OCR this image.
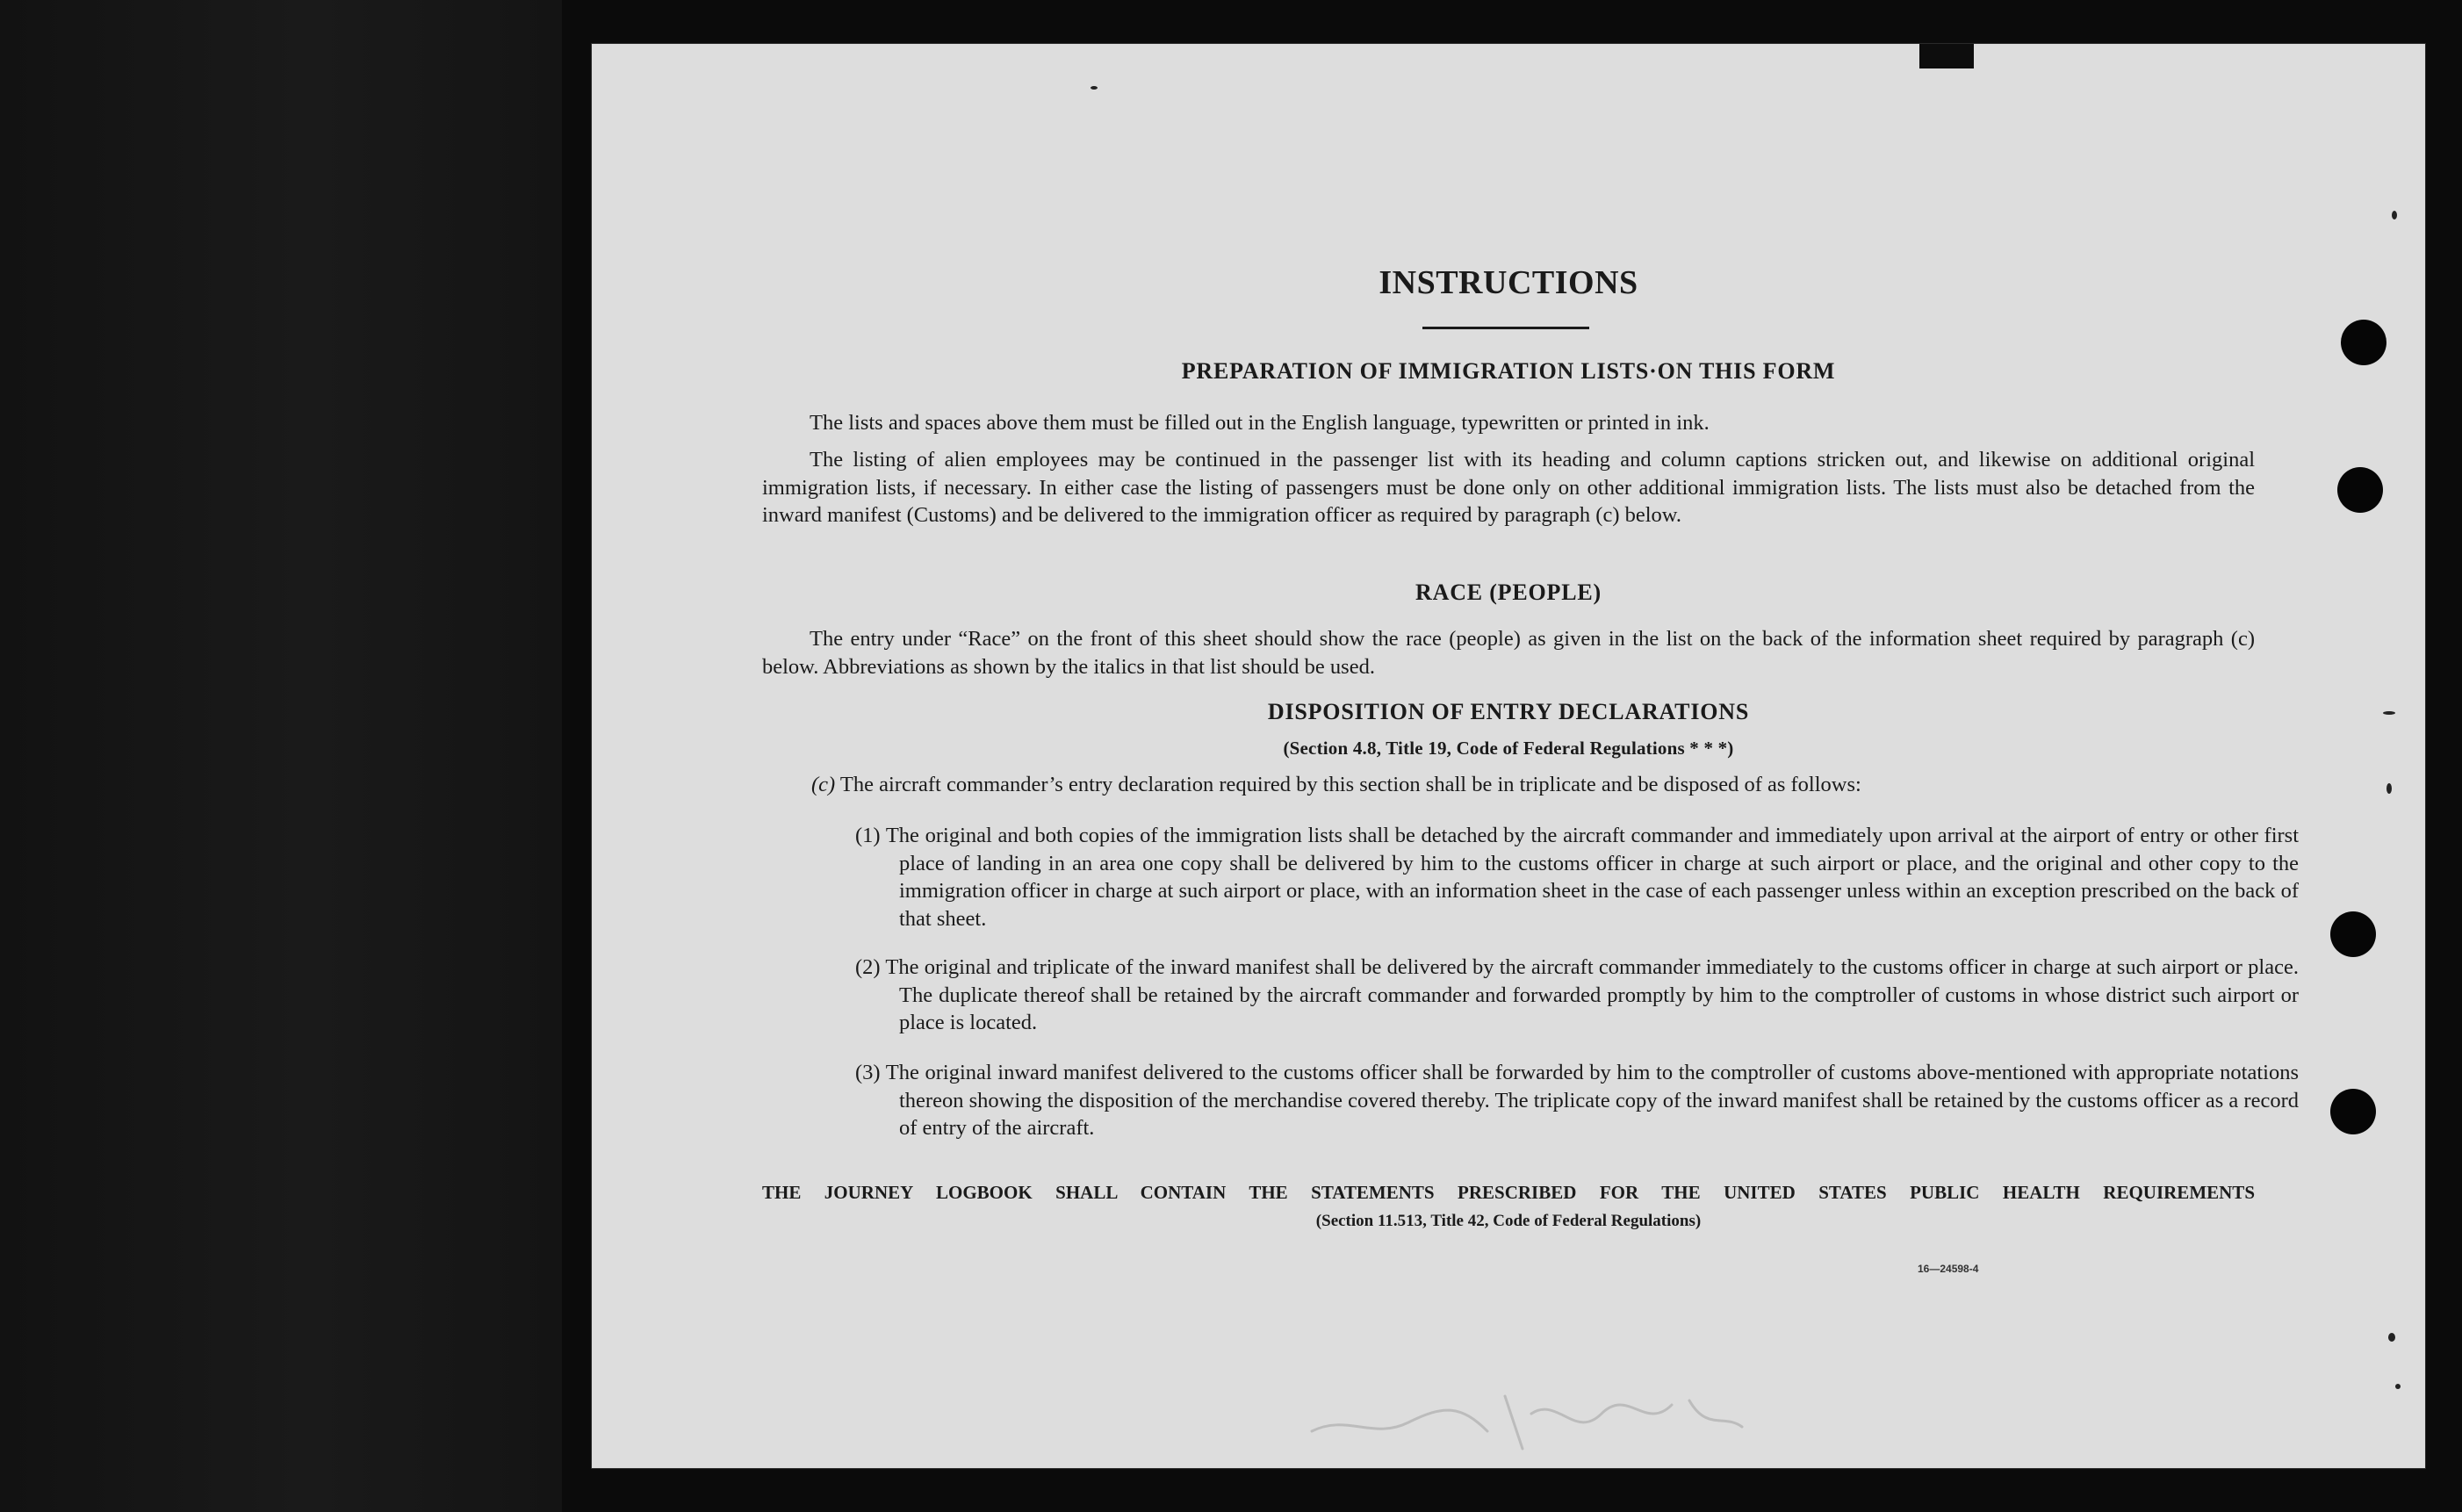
INSTRUCTIONS
PREPARATION OF IMMIGRATION LISTS·ON THIS FORM
The lists and spaces above them must be filled out in the English language, typewritten or printed in ink.
The listing of alien employees may be continued in the passenger list with its heading and column captions stricken out, and likewise on additional original immigration lists, if necessary. In either case the listing of passengers must be done only on other additional immigration lists. The lists must also be detached from the inward manifest (Customs) and be delivered to the immigration officer as required by paragraph (c) below.
RACE (PEOPLE)
The entry under “Race” on the front of this sheet should show the race (people) as given in the list on the back of the information sheet required by paragraph (c) below. Abbreviations as shown by the italics in that list should be used.
DISPOSITION OF ENTRY DECLARATIONS
(Section 4.8, Title 19, Code of Federal Regulations * * *)
(c) The aircraft commander’s entry declaration required by this section shall be in triplicate and be disposed of as follows:
(1) The original and both copies of the immigration lists shall be detached by the aircraft commander and immediately upon arrival at the airport of entry or other first place of landing in an area one copy shall be delivered by him to the customs officer in charge at such airport or place, and the original and other copy to the immigration officer in charge at such airport or place, with an information sheet in the case of each passenger unless within an exception prescribed on the back of that sheet.
(2) The original and triplicate of the inward manifest shall be delivered by the aircraft commander immediately to the customs officer in charge at such airport or place. The duplicate thereof shall be retained by the aircraft commander and forwarded promptly by him to the comptroller of customs in whose district such airport or place is located.
(3) The original inward manifest delivered to the customs officer shall be forwarded by him to the comptroller of customs above-mentioned with appropriate notations thereon showing the disposition of the merchandise covered thereby. The triplicate copy of the inward manifest shall be retained by the customs officer as a record of entry of the aircraft.
THE JOURNEY LOGBOOK SHALL CONTAIN THE STATEMENTS PRESCRIBED FOR THE UNITED STATES PUBLIC HEALTH REQUIREMENTS
(Section 11.513, Title 42, Code of Federal Regulations)
16—24598-4
